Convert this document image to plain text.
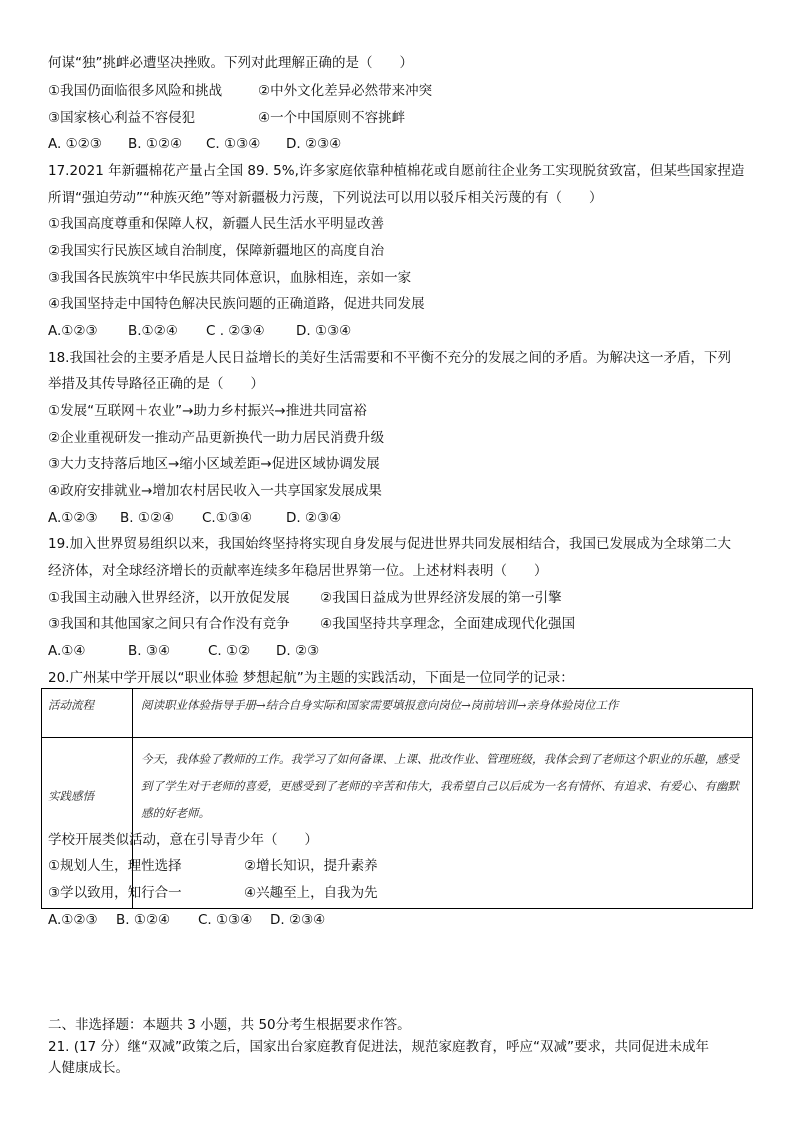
何谋“独”挑衅必遭坚决挫败。下列对此理解正确的是（　　）
①我国仍面临很多风险和挑战	②中外文化差异必然带来冲突
③国家核心利益不容侵犯	④一个中国原则不容挑衅
A. ①②③ B. ①②④ C. ①③④ D. ②③④
17.2021 年新疆棉花产量占全国 89. 5%,许多家庭依靠种植棉花或自愿前往企业务工实现脱贫致富，但某些国家捏造
所谓“强迫劳动”“种族灭绝”等对新疆极力污蔑，下列说法可以用以驳斥相关污蔑的有（　　）
①我国高度尊重和保障人权，新疆人民生活水平明显改善
②我国实行民族区域自治制度，保障新疆地区的高度自治
③我国各民族筑牢中华民族共同体意识，血脉相连，亲如一家
④我国坚持走中国特色解决民族问题的正确道路，促进共同发展
A.①②③ B.①②④ C . ②③④ D. ①③④
18.我国社会的主要矛盾是人民日益增长的美好生活需要和不平衡不充分的发展之间的矛盾。为解决这一矛盾，下列
举措及其传导路径正确的是（　　）
①发展“互联网＋农业”→助力乡村振兴→推进共同富裕
②企业重视研发一推动产品更新换代一助力居民消费升级
③大力支持落后地区→缩小区域差距→促进区域协调发展
④政府安排就业→增加农村居民收入一共享国家发展成果
A.①②③ B. ①②④ C.①③④	D. ②③④
19.加入世界贸易组织以来，我国始终坚持将实现自身发展与促进世界共同发展相结合，我国已发展成为全球第二大
经济体，对全球经济增长的贡献率连续多年稳居世界第一位。上述材料表明（　　）
①我国主动融入世界经济，以开放促发展 ②我国日益成为世界经济发展的第一引擎
③我国和其他国家之间只有合作没有竞争 ④我国坚持共享理念，全面建成现代化强国
A.①④	B. ③④	C. ①② D. ②③
20.广州某中学开展以“职业体验 梦想起航”为主题的实践活动，下面是一位同学的记录：
活动流程	阅读职业体验指导手册→结合自身实际和国家需要填报意向岗位→岗前培训→亲身体验岗位工作
实践感悟	今天，我体验了教师的工作。我学习了如何备课、上课、批改作业、管理班级，我体会到了老师这个职业的乐趣，感受到了学生对于老师的喜爱，更感受到了老师的辛苦和伟大，我希望自己以后成为一名有情怀、有追求、有爱心、有幽默感的好老师。
学校开展类似活动，意在引导青少年（　　）
①规划人生，理性选择	②增长知识，提升素养
③学以致用，知行合一	④兴趣至上，自我为先
A.①②③ B. ①②④ C. ①③④ D. ②③④
二、非选择题：本题共 3 小题，共 50分考生根据要求作答。
21. (17 分）继“双减”政策之后，国家出台家庭教育促进法，规范家庭教育，呼应“双减”要求，共同促进未成年
人健康成长。
